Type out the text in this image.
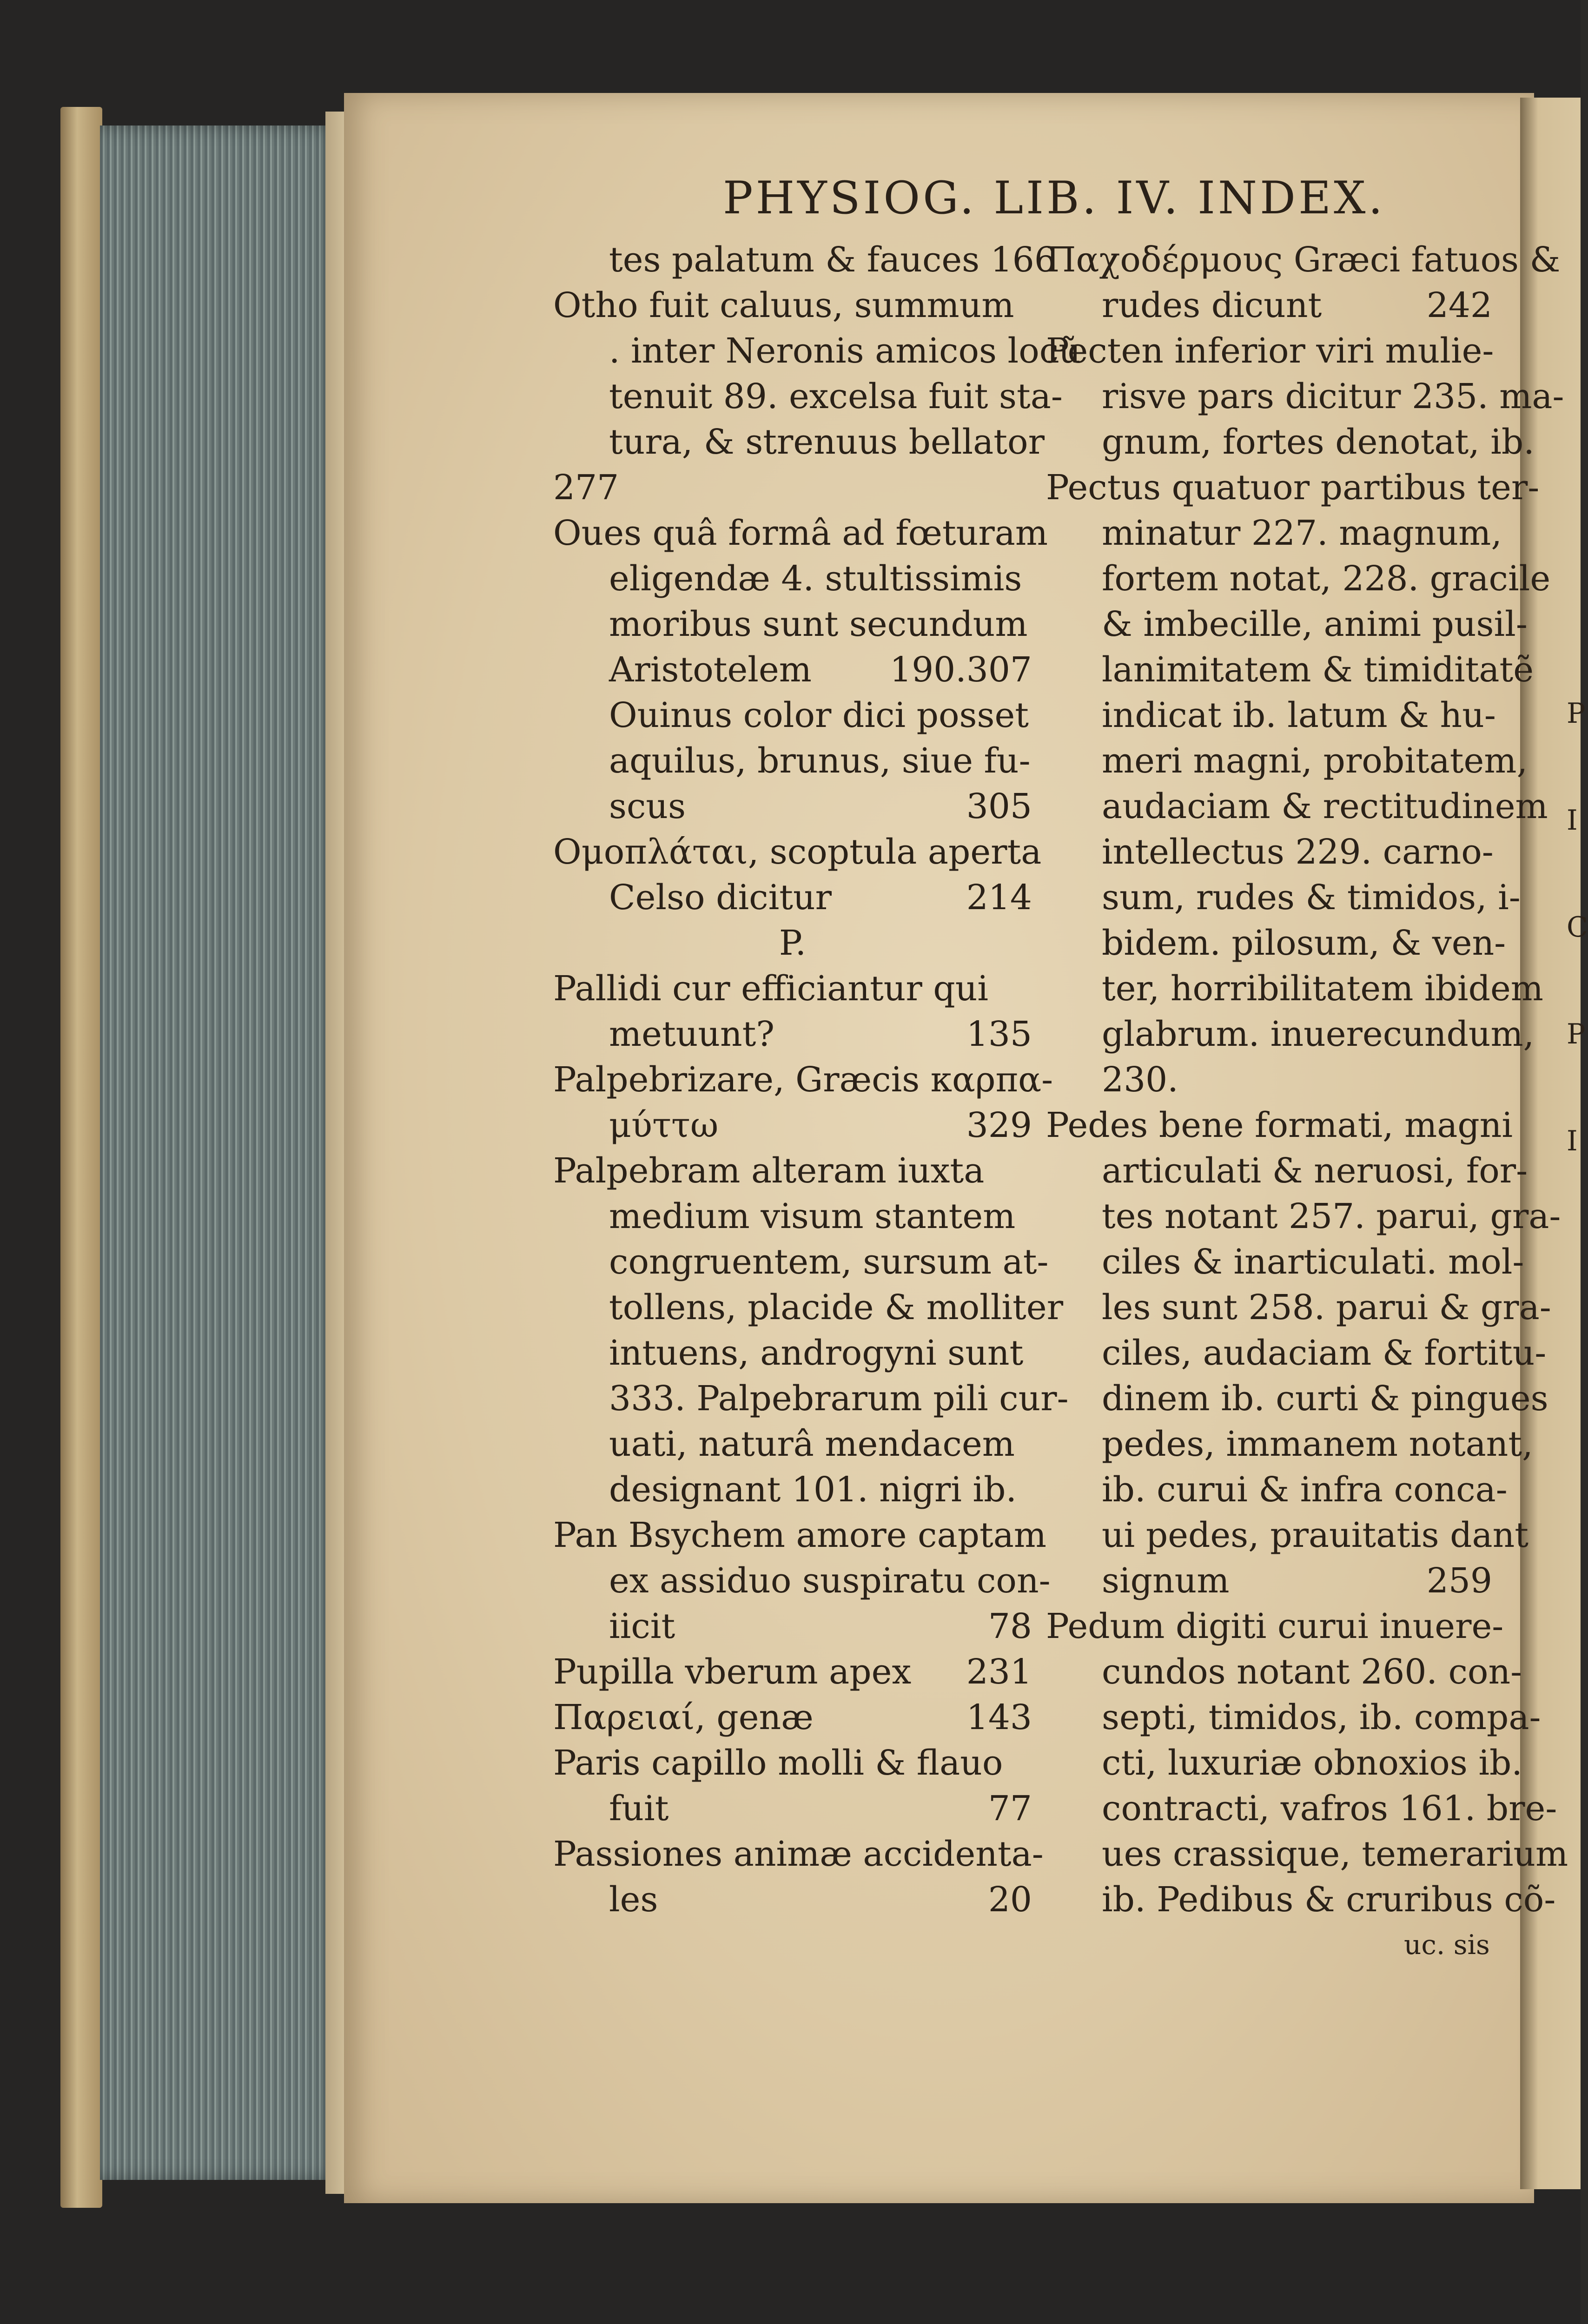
P
I
C
P
I
PHYSIOG. LIB. IV. INDEX.
tes palatum & fauces 166
Otho fuit caluus, summum
. inter Neronis amicos locũ
tenuit 89. excelsa fuit sta-
tura, & strenuus bellator
277
Oues quâ formâ ad fœturam
eligendæ 4. stultissimis
moribus sunt secundum
Aristotelem 190.307
Ouinus color dici posset
aquilus, brunus, siue fu-
scus	305
Ομοπλάται, scoptula aperta
Celso dicitur	214
P.
Pallidi cur efficiantur qui
metuunt?	135
Palpebrizare, Græcis καρπα-
μύττω	329
Palpebram alteram iuxta
medium visum stantem
congruentem, sursum at-
tollens, placide & molliter
intuens, androgyni sunt
333. Palpebrarum pili cur-
uati, naturâ mendacem
designant 101. nigri ib.
Pan Bsychem amore captam
ex assiduo suspiratu con-
iicit	78
Pupilla vberum apex 231
Παρειαί, genæ	143
Paris capillo molli & flauo
fuit	77
Passiones animæ accidenta-
les	20
Παχοδέρμους Græci fatuos &
rudes dicunt	242
Pecten inferior viri mulie-
risve pars dicitur 235. ma-
gnum, fortes denotat, ib.
Pectus quatuor partibus ter-
minatur 227. magnum,
fortem notat, 228. gracile
& imbecille, animi pusil-
lanimitatem & timiditatẽ
indicat ib. latum & hu-
meri magni, probitatem,
audaciam & rectitudinem
intellectus 229. carno-
sum, rudes & timidos, i-
bidem. pilosum, & ven-
ter, horribilitatem ibidem
glabrum. inuerecundum,
230.
Pedes bene formati, magni
articulati & neruosi, for-
tes notant 257. parui, gra-
ciles & inarticulati. mol-
les sunt 258. parui & gra-
ciles, audaciam & fortitu-
dinem ib. curti & pingues
pedes, immanem notant,
ib. curui & infra conca-
ui pedes, prauitatis dant
signum	259
Pedum digiti curui inuere-
cundos notant 260. con-
septi, timidos, ib. compa-
cti, luxuriæ obnoxios ib.
contracti, vafros 161. bre-
ues crassique, temerarium
ib. Pedibus & cruribus cõ-
uc. sis
